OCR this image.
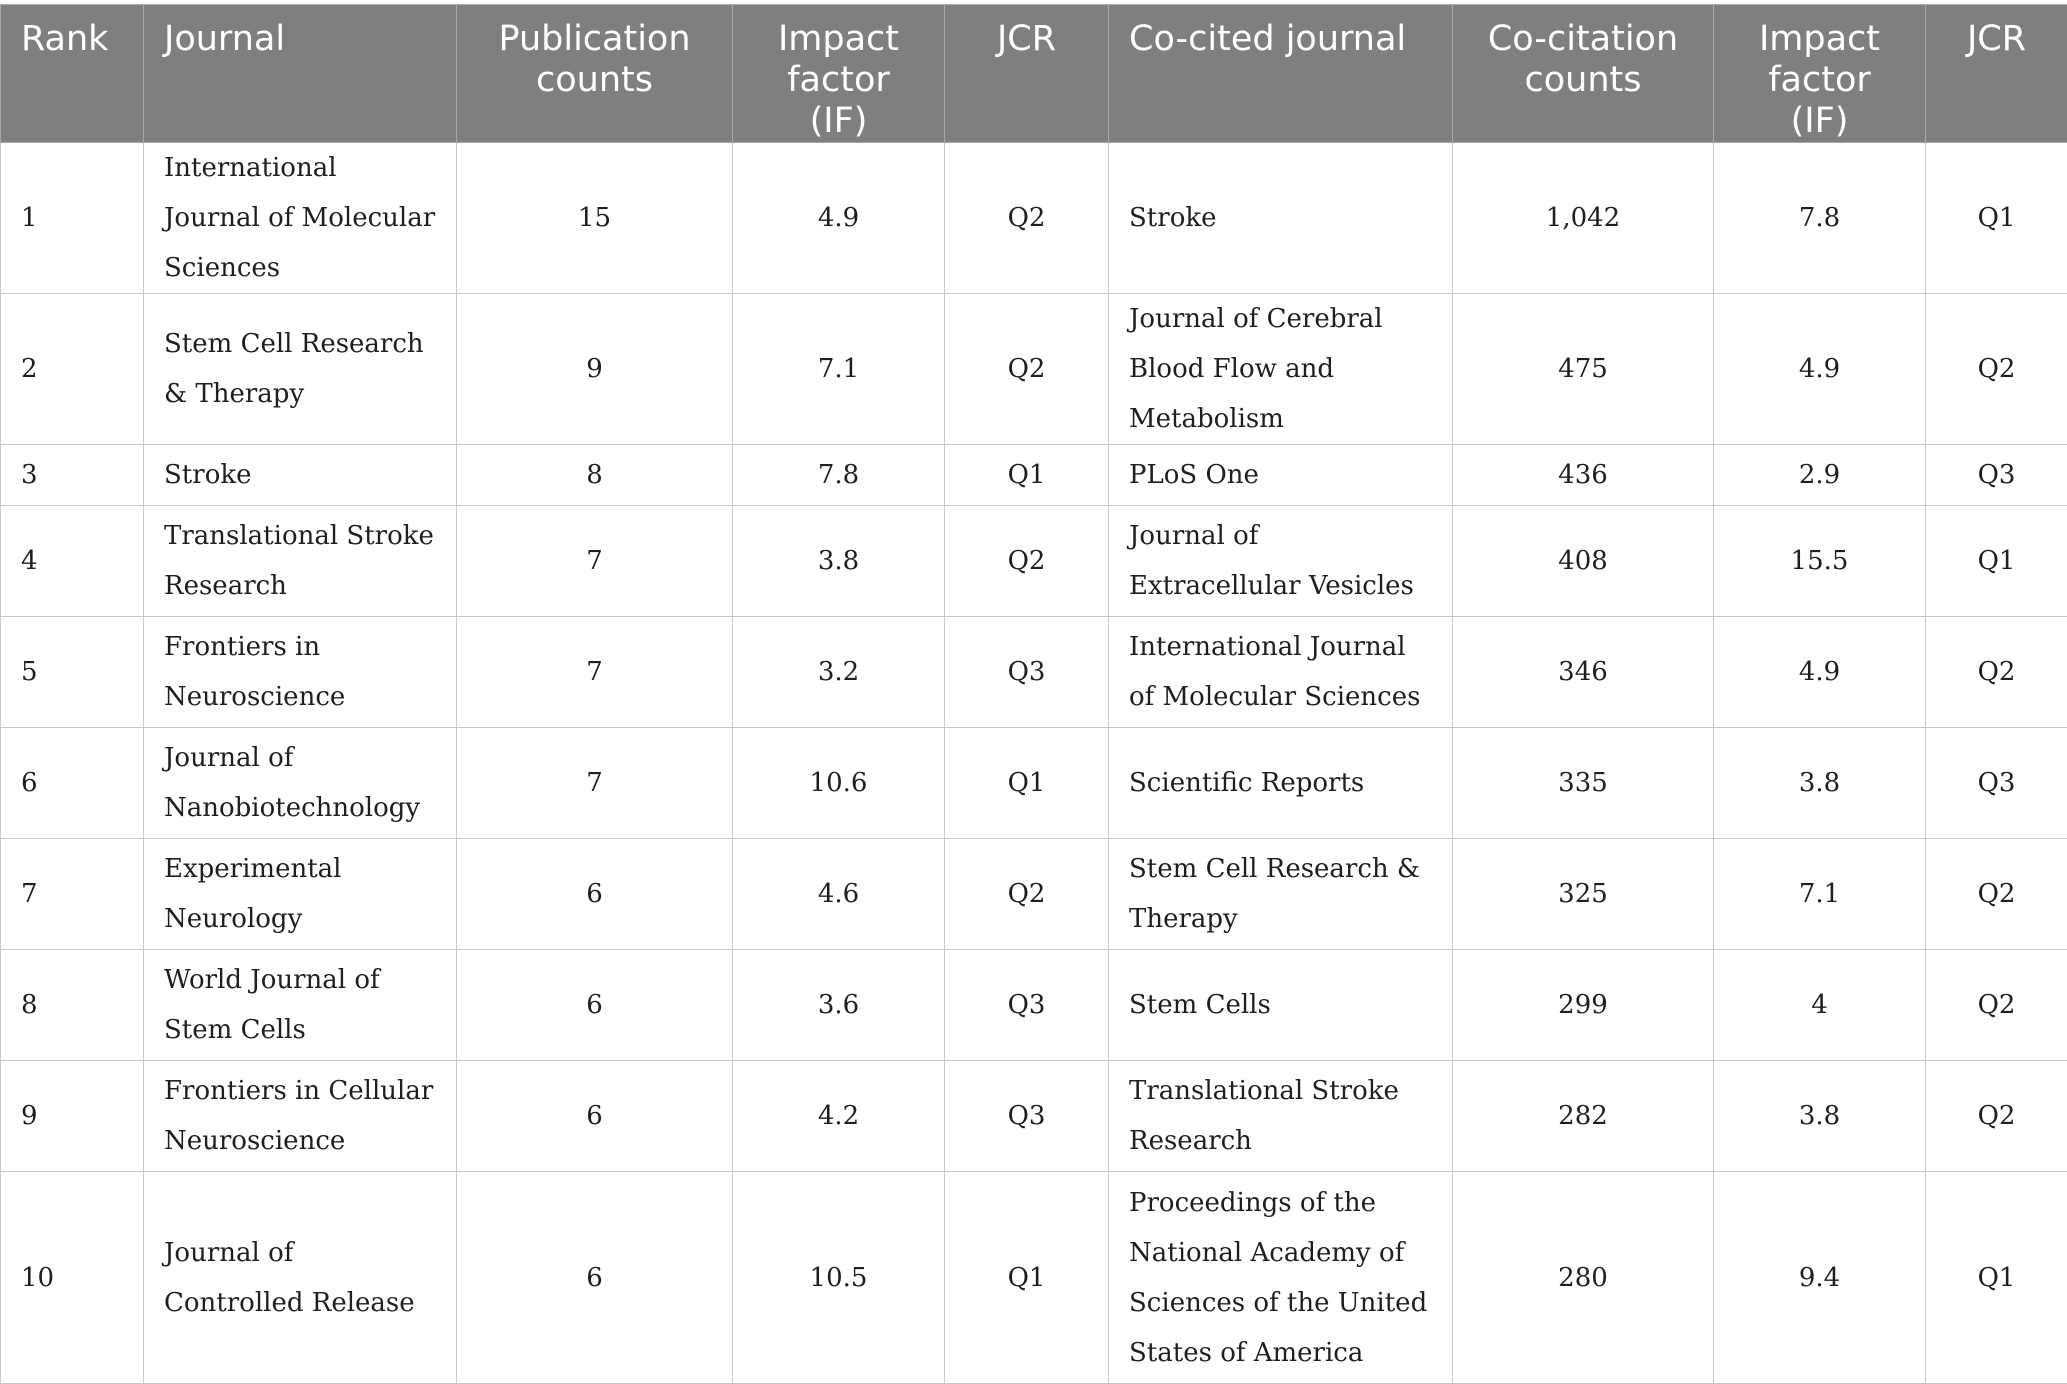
Rank	Journal	Publication counts	Impact factor (IF)	JCR	Co-cited journal	Co-citation counts	Impact factor (IF)	JCR
1	International Journal of Molecular Sciences	15	4.9	Q2	Stroke	1,042	7.8	Q1
2	Stem Cell Research & Therapy	9	7.1	Q2	Journal of Cerebral Blood Flow and Metabolism	475	4.9	Q2
3	Stroke	8	7.8	Q1	PLoS One	436	2.9	Q3
4	Translational Stroke Research	7	3.8	Q2	Journal of Extracellular Vesicles	408	15.5	Q1
5	Frontiers in Neuroscience	7	3.2	Q3	International Journal of Molecular Sciences	346	4.9	Q2
6	Journal of Nanobiotechnology	7	10.6	Q1	Scientific Reports	335	3.8	Q3
7	Experimental Neurology	6	4.6	Q2	Stem Cell Research & Therapy	325	7.1	Q2
8	World Journal of Stem Cells	6	3.6	Q3	Stem Cells	299	4	Q2
9	Frontiers in Cellular Neuroscience	6	4.2	Q3	Translational Stroke Research	282	3.8	Q2
10	Journal of Controlled Release	6	10.5	Q1	Proceedings of the National Academy of Sciences of the United States of America	280	9.4	Q1
